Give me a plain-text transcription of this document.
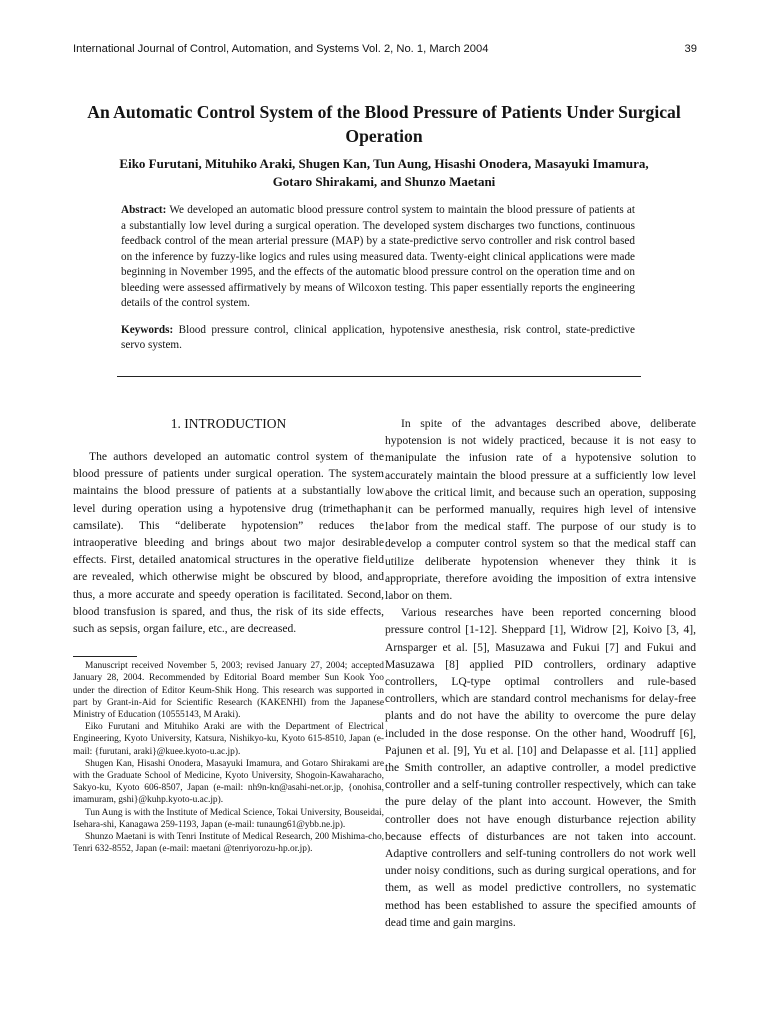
International Journal of Control, Automation, and Systems Vol. 2, No. 1, March 2004	39
An Automatic Control System of the Blood Pressure of Patients Under Surgical Operation
Eiko Furutani, Mituhiko Araki, Shugen Kan, Tun Aung, Hisashi Onodera, Masayuki Imamura, Gotaro Shirakami, and Shunzo Maetani

Abstract: We developed an automatic blood pressure control system to maintain the blood pressure of patients at a substantially low level during a surgical operation. The developed system discharges two functions, continuous feedback control of the mean arterial pressure (MAP) by a state-predictive servo controller and risk control based on the inference by fuzzy-like logics and rules using measured data. Twenty-eight clinical applications were made beginning in November 1995, and the effects of the automatic blood pressure control on the operation time and on bleeding were assessed affirmatively by means of Wilcoxon testing. This paper essentially reports the engineering details of the control system.

Keywords: Blood pressure control, clinical application, hypotensive anesthesia, risk control, state-predictive servo system.

1. INTRODUCTION

The authors developed an automatic control system of the blood pressure of patients under surgical operation. The system maintains the blood pressure of patients at a substantially low level during operation using a hypotensive drug (trimethaphan camsilate). This “deliberate hypotension” reduces the intraoperative bleeding and brings about two major desirable effects. First, detailed anatomical structures in the operative field are revealed, which otherwise might be obscured by blood, and thus, a more accurate and speedy operation is facilitated. Second, blood transfusion is spared, and thus, the risk of its side effects, such as sepsis, organ failure, etc., are decreased.

Manuscript received November 5, 2003; revised January 27, 2004; accepted January 28, 2004. Recommended by Editorial Board member Sun Kook Yoo under the direction of Editor Keum-Shik Hong. This research was supported in part by Grant-in-Aid for Scientific Research (KAKENHI) from the Japanese Ministry of Education (10555143, M Araki).

Eiko Furutani and Mituhiko Araki are with the Department of Electrical Engineering, Kyoto University, Katsura, Nishikyo-ku, Kyoto 615-8510, Japan (e-mail: {furutani, araki}@kuee.kyoto-u.ac.jp).

Shugen Kan, Hisashi Onodera, Masayuki Imamura, and Gotaro Shirakami are with the Graduate School of Medicine, Kyoto University, Shogoin-Kawaharacho, Sakyo-ku, Kyoto 606-8507, Japan (e-mail: nh9n-kn@asahi-net.or.jp, {onohisa, imamuram, gshi}@kuhp.kyoto-u.ac.jp).

Tun Aung is with the Institute of Medical Science, Tokai University, Bouseidai, Isehara-shi, Kanagawa 259-1193, Japan (e-mail: tunaung61@ybb.ne.jp).

Shunzo Maetani is with Tenri Institute of Medical Research, 200 Mishima-cho, Tenri 632-8552, Japan (e-mail: maetani @tenriyorozu-hp.or.jp).

In spite of the advantages described above, deliberate hypotension is not widely practiced, because it is not easy to manipulate the infusion rate of a hypotensive solution to accurately maintain the blood pressure at a sufficiently low level above the critical limit, and because such an operation, supposing it can be performed manually, requires high level of intensive labor from the medical staff. The purpose of our study is to develop a computer control system so that the medical staff can utilize deliberate hypotension whenever they think it is appropriate, therefore avoiding the imposition of extra intensive labor on them.

Various researches have been reported concerning blood pressure control [1-12]. Sheppard [1], Widrow [2], Koivo [3, 4], Arnsparger et al. [5], Masuzawa and Fukui [7] and Fukui and Masuzawa [8] applied PID controllers, ordinary adaptive controllers, LQ-type optimal controllers and rule-based controllers, which are standard control mechanisms for delay-free plants and do not have the ability to overcome the pure delay included in the dose response. On the other hand, Woodruff [6], Pajunen et al. [9], Yu et al. [10] and Delapasse et al. [11] applied the Smith controller, an adaptive controller, a model predictive controller and a self-tuning controller respectively, which can take the pure delay of the plant into account. However, the Smith controller does not have enough disturbance rejection ability because effects of disturbances are not taken into account. Adaptive controllers and self-tuning controllers do not work well under noisy conditions, such as during surgical operations, and for them, as well as model predictive controllers, no systematic method has been established to assure the specified amounts of dead time and gain margins.
